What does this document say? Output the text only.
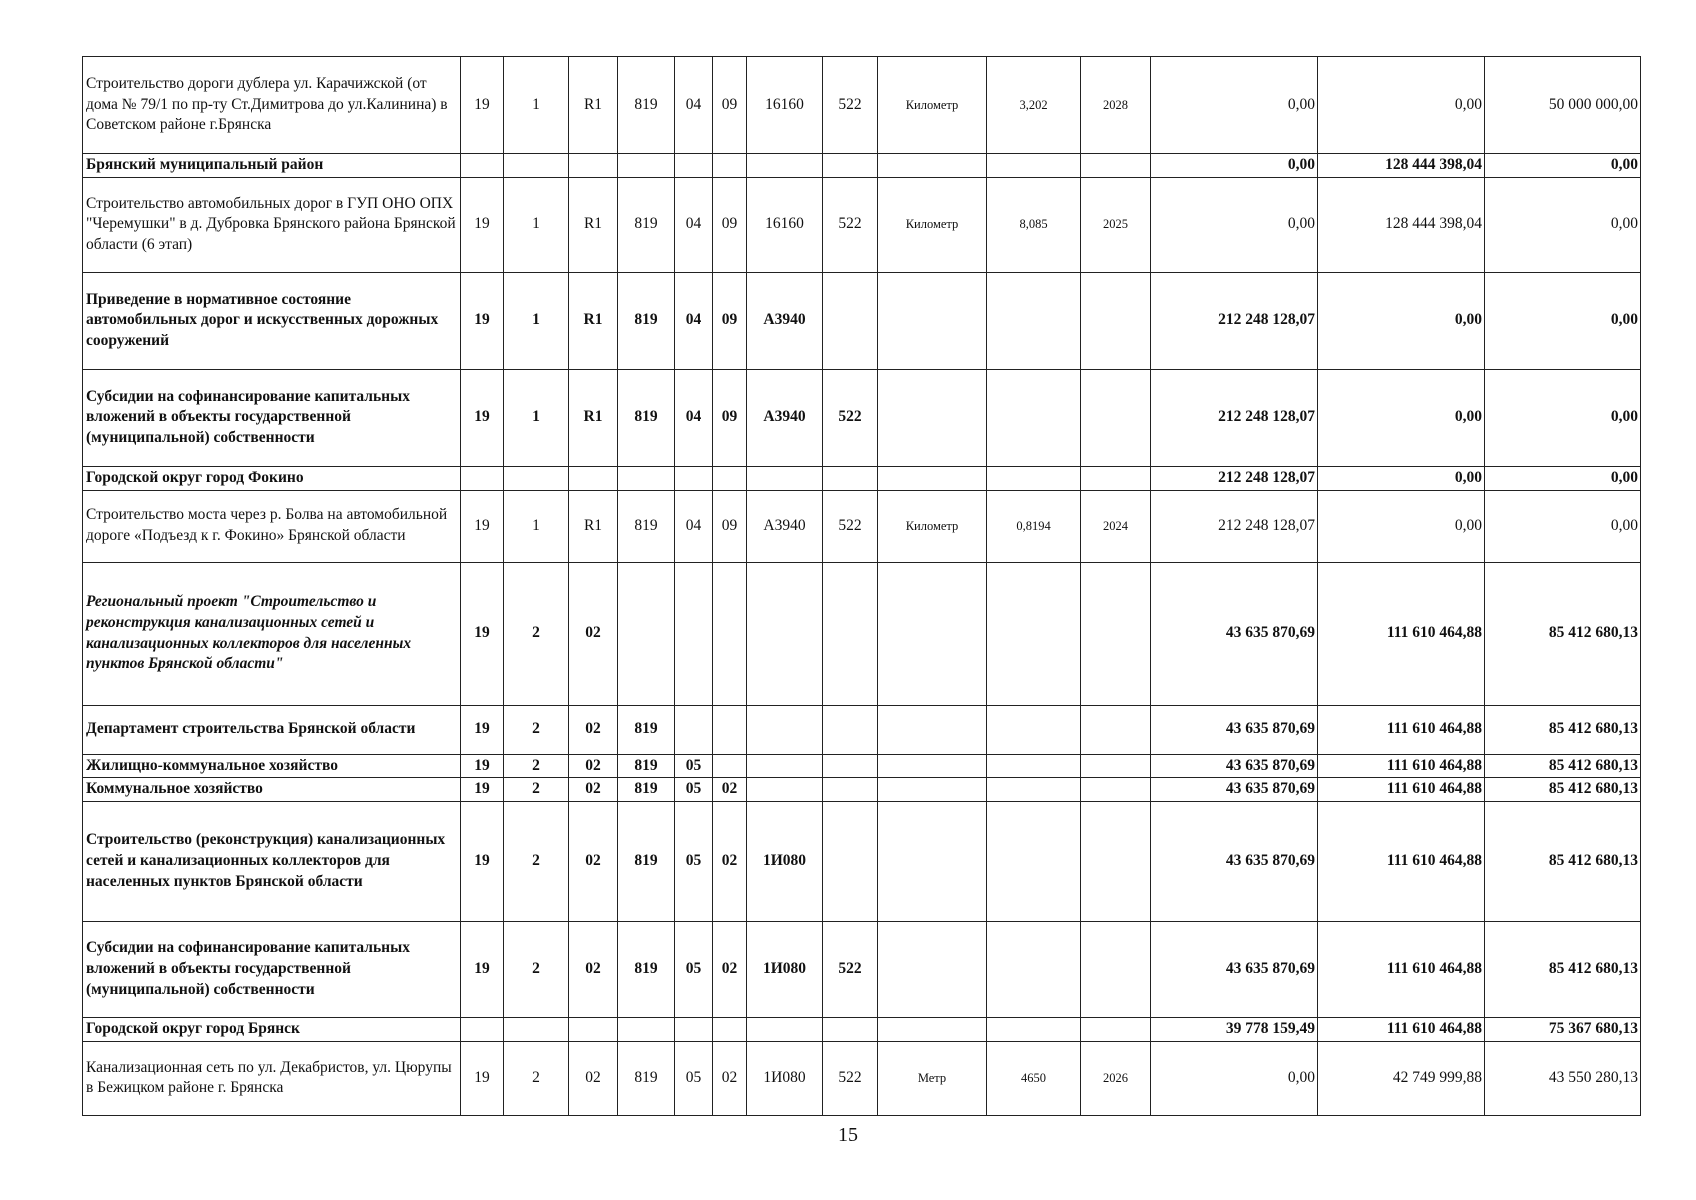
Строительство дороги дублера ул. Карачижской (от дома № 79/1 по пр-ту Ст.Димитрова до ул.Калинина) в Советском районе г.Брянска	19	1	R1	819	04	09	16160	522	Километр	3,202	2028	0,00	0,00	50 000 000,00
Брянский муниципальный район												0,00	128 444 398,04	0,00
Строительство автомобильных дорог в ГУП ОНО ОПХ "Черемушки" в д. Дубровка Брянского района Брянской области (6 этап)	19	1	R1	819	04	09	16160	522	Километр	8,085	2025	0,00	128 444 398,04	0,00
Приведение в нормативное состояние автомобильных дорог и искусственных дорожных сооружений	19	1	R1	819	04	09	А3940					212 248 128,07	0,00	0,00
Субсидии на софинансирование капитальных вложений в объекты государственной (муниципальной) собственности	19	1	R1	819	04	09	А3940	522				212 248 128,07	0,00	0,00
Городской округ город Фокино												212 248 128,07	0,00	0,00
Строительство моста через р. Болва на автомобильной дороге «Подъезд к г. Фокино» Брянской области	19	1	R1	819	04	09	А3940	522	Километр	0,8194	2024	212 248 128,07	0,00	0,00
Региональный проект "Строительство и реконструкция канализационных сетей и канализационных коллекторов для населенных пунктов Брянской области"	19	2	02									43 635 870,69	111 610 464,88	85 412 680,13
Департамент строительства Брянской области	19	2	02	819								43 635 870,69	111 610 464,88	85 412 680,13
Жилищно-коммунальное хозяйство	19	2	02	819	05							43 635 870,69	111 610 464,88	85 412 680,13
Коммунальное хозяйство	19	2	02	819	05	02						43 635 870,69	111 610 464,88	85 412 680,13
Строительство (реконструкция) канализационных сетей и канализационных коллекторов для населенных пунктов Брянской области	19	2	02	819	05	02	1И080					43 635 870,69	111 610 464,88	85 412 680,13
Субсидии на софинансирование капитальных вложений в объекты государственной (муниципальной) собственности	19	2	02	819	05	02	1И080	522				43 635 870,69	111 610 464,88	85 412 680,13
Городской округ город Брянск												39 778 159,49	111 610 464,88	75 367 680,13
Канализационная сеть по ул. Декабристов, ул. Цюрупы в Бежицком районе г. Брянска	19	2	02	819	05	02	1И080	522	Метр	4650	2026	0,00	42 749 999,88	43 550 280,13
15
